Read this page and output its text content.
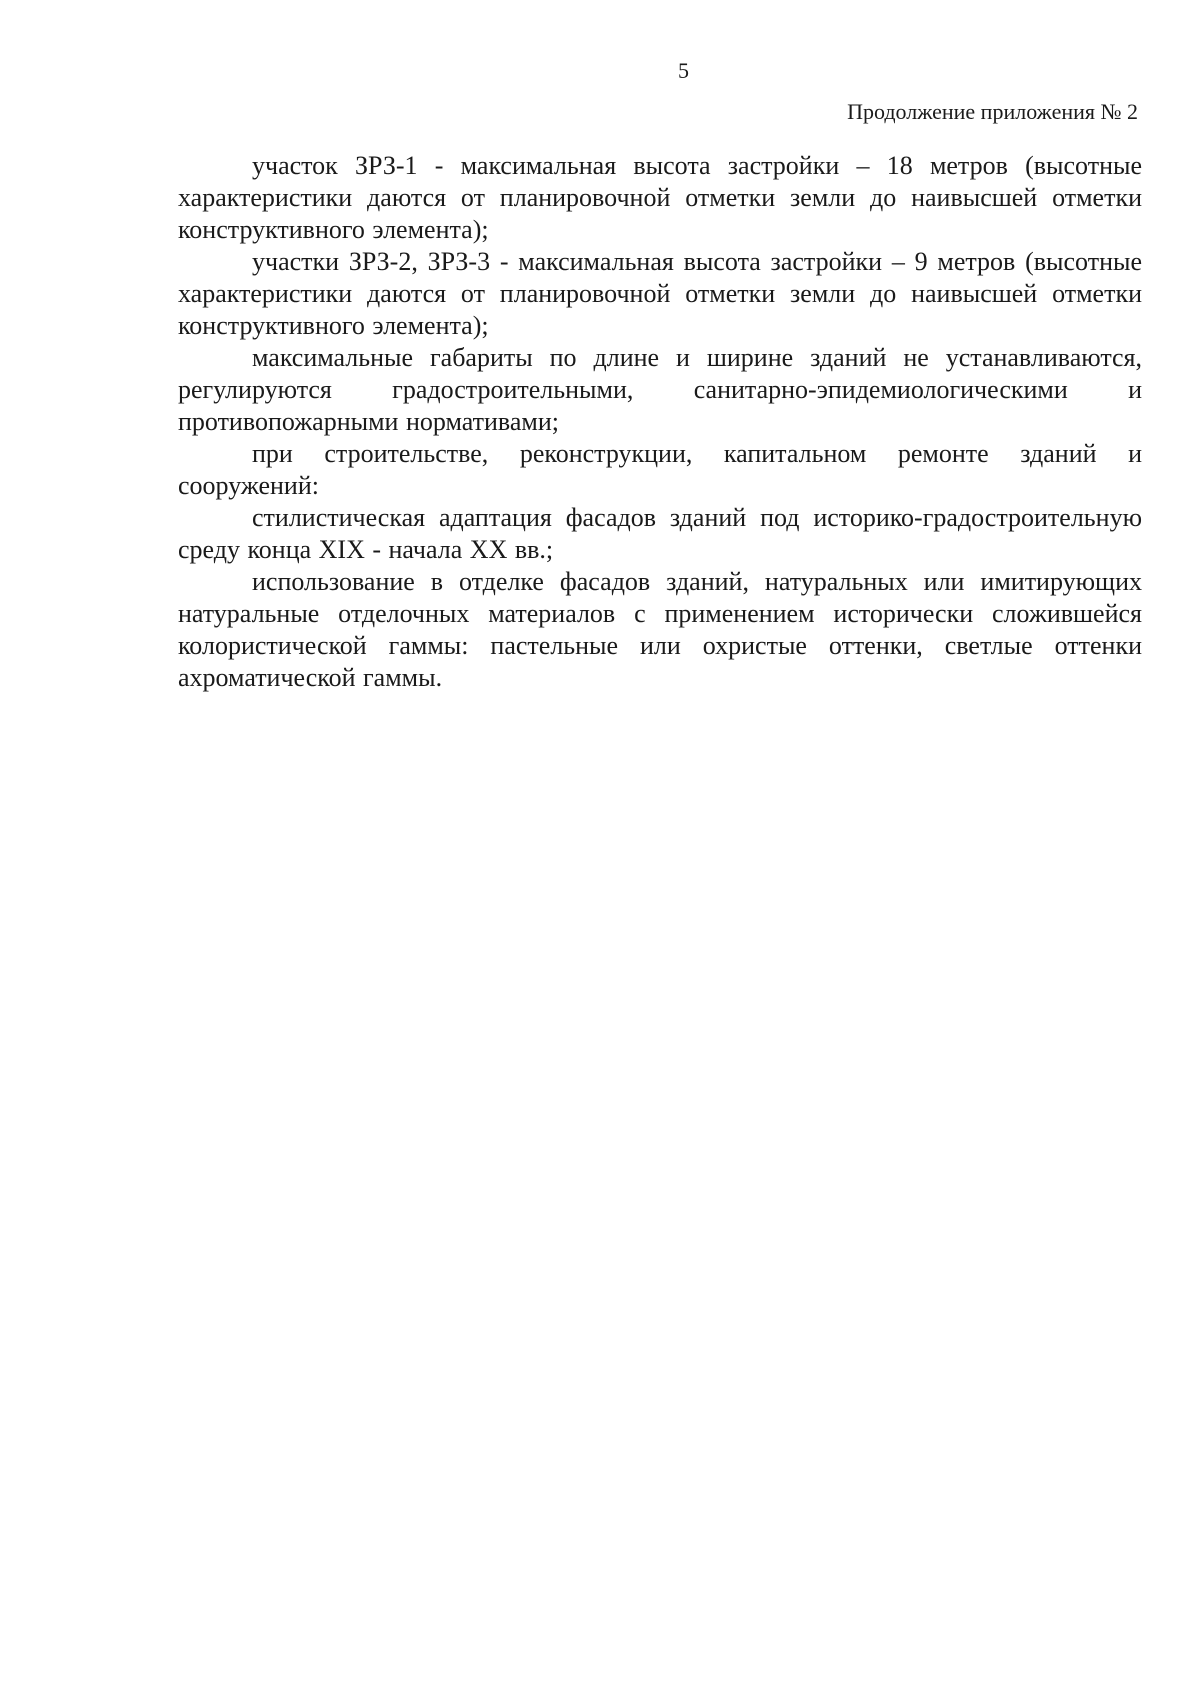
5
Продолжение приложения № 2

участок ЗРЗ-1 - максимальная высота застройки – 18 метров (высотные характеристики даются от планировочной отметки земли до наивысшей отметки конструктивного элемента);

участки ЗРЗ-2, ЗРЗ-3 - максимальная высота застройки – 9 метров (высотные характеристики даются от планировочной отметки земли до наивысшей отметки конструктивного элемента);

максимальные габариты по длине и ширине зданий не устанавливаются, регулируются градостроительными, санитарно-эпидемиологическими и противопожарными нормативами;

при строительстве, реконструкции, капитальном ремонте зданий и сооружений:

стилистическая адаптация фасадов зданий под историко-градостроительную среду конца XIX - начала XX вв.;

использование в отделке фасадов зданий, натуральных или имитирующих натуральные отделочных материалов с применением исторически сложившейся колористической гаммы: пастельные или охристые оттенки, светлые оттенки ахроматической гаммы.
